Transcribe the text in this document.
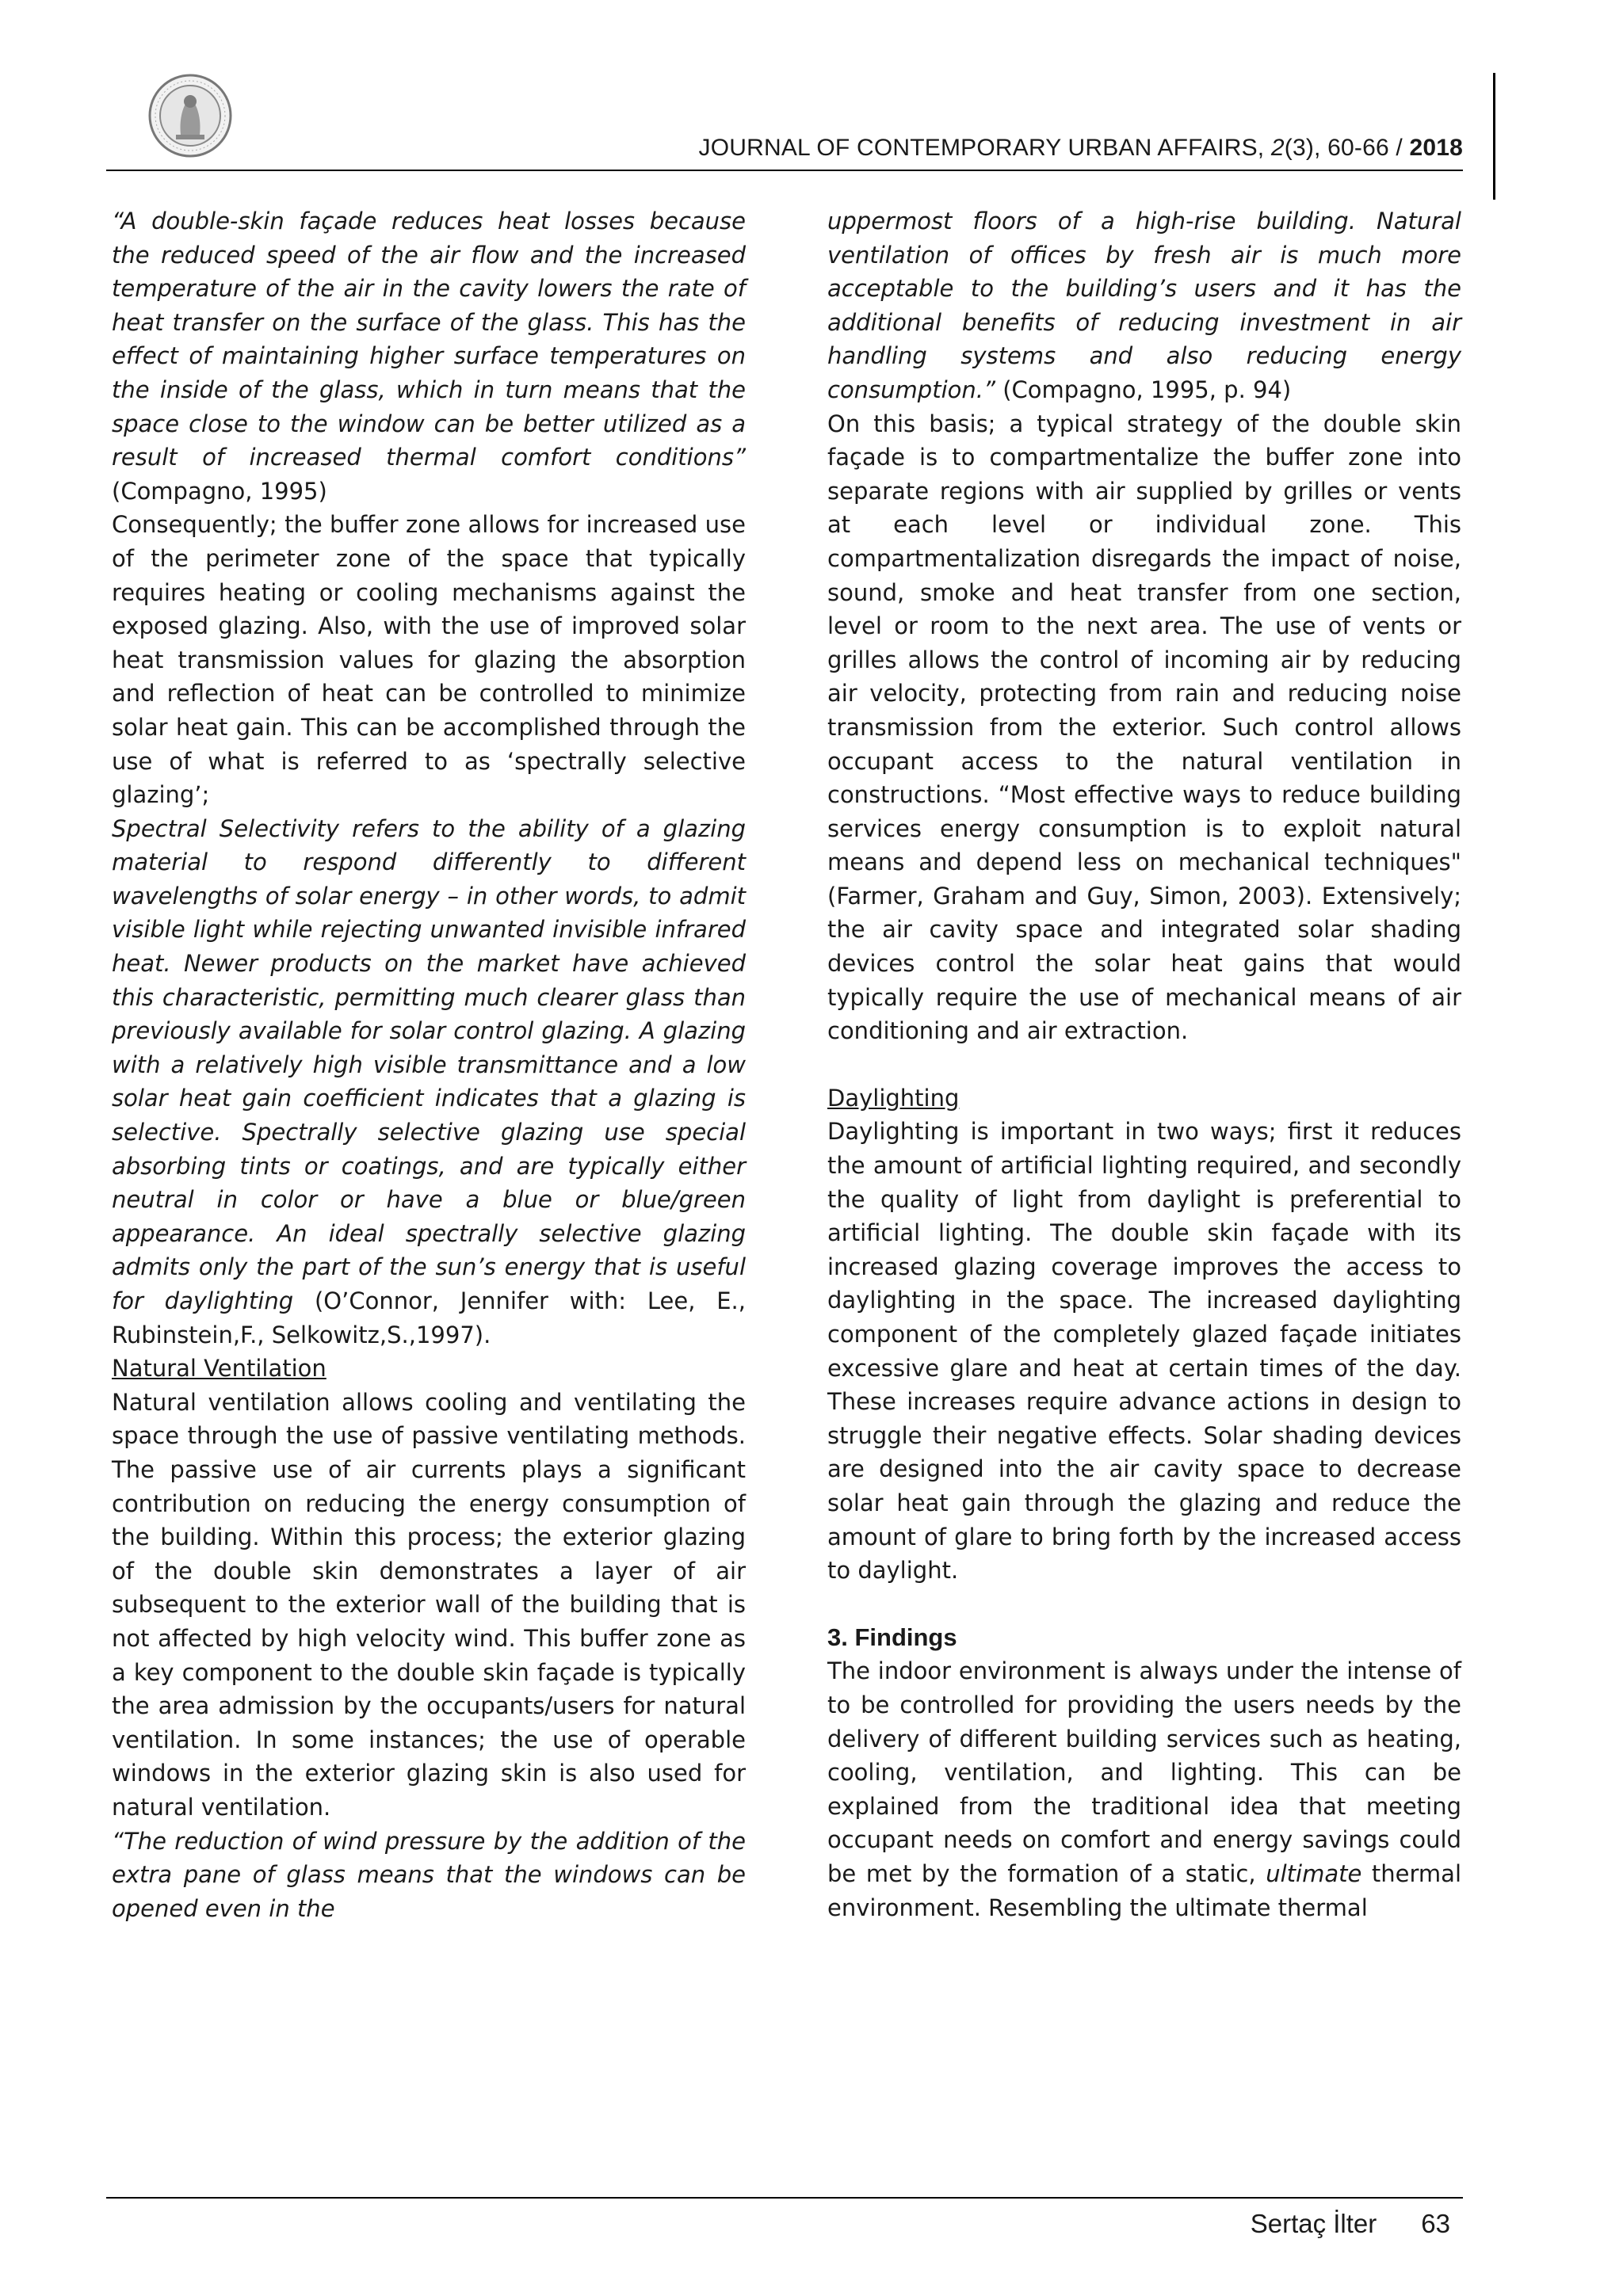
JOURNAL OF CONTEMPORARY URBAN AFFAIRS, 2(3), 60-66 / 2018

“A double-skin façade reduces heat losses because the reduced speed of the air flow and the increased temperature of the air in the cavity lowers the rate of heat transfer on the surface of the glass. This has the effect of maintaining higher surface temperatures on the inside of the glass, which in turn means that the space close to the window can be better utilized as a result of increased thermal comfort conditions” (Compagno, 1995)

Consequently; the buffer zone allows for increased use of the perimeter zone of the space that typically requires heating or cooling mechanisms against the exposed glazing. Also, with the use of improved solar heat transmission values for glazing the absorption and reflection of heat can be controlled to minimize solar heat gain. This can be accomplished through the use of what is referred to as ‘spectrally selective glazing’;

Spectral Selectivity refers to the ability of a glazing material to respond differently to different wavelengths of solar energy – in other words, to admit visible light while rejecting unwanted invisible infrared heat. Newer products on the market have achieved this characteristic, permitting much clearer glass than previously available for solar control glazing. A glazing with a relatively high visible transmittance and a low solar heat gain coefficient indicates that a glazing is selective. Spectrally selective glazing use special absorbing tints or coatings, and are typically either neutral in color or have a blue or blue/green appearance. An ideal spectrally selective glazing admits only the part of the sun’s energy that is useful for daylighting (O’Connor, Jennifer with: Lee, E., Rubinstein,F., Selkowitz,S.,1997).

Natural Ventilation

Natural ventilation allows cooling and ventilating the space through the use of passive ventilating methods. The passive use of air currents plays a significant contribution on reducing the energy consumption of the building. Within this process; the exterior glazing of the double skin demonstrates a layer of air subsequent to the exterior wall of the building that is not affected by high velocity wind. This buffer zone as a key component to the double skin façade is typically the area admission by the occupants/users for natural ventilation. In some instances; the use of operable windows in the exterior glazing skin is also used for natural ventilation.

“The reduction of wind pressure by the addition of the extra pane of glass means that the windows can be opened even in the

uppermost floors of a high-rise building. Natural ventilation of offices by fresh air is much more acceptable to the building’s users and it has the additional benefits of reducing investment in air handling systems and also reducing energy consumption.” (Compagno, 1995, p. 94)

On this basis; a typical strategy of the double skin façade is to compartmentalize the buffer zone into separate regions with air supplied by grilles or vents at each level or individual zone. This compartmentalization disregards the impact of noise, sound, smoke and heat transfer from one section, level or room to the next area. The use of vents or grilles allows the control of incoming air by reducing air velocity, protecting from rain and reducing noise transmission from the exterior. Such control allows occupant access to the natural ventilation in constructions. “Most effective ways to reduce building services energy consumption is to exploit natural means and depend less on mechanical techniques" (Farmer, Graham and Guy, Simon, 2003). Extensively; the air cavity space and integrated solar shading devices control the solar heat gains that would typically require the use of mechanical means of air conditioning and air extraction.

Daylighting

Daylighting is important in two ways; first it reduces the amount of artificial lighting required, and secondly the quality of light from daylight is preferential to artificial lighting. The double skin façade with its increased glazing coverage improves the access to daylighting in the space. The increased daylighting component of the completely glazed façade initiates excessive glare and heat at certain times of the day. These increases require advance actions in design to struggle their negative effects. Solar shading devices are designed into the air cavity space to decrease solar heat gain through the glazing and reduce the amount of glare to bring forth by the increased access to daylight.

3. Findings

The indoor environment is always under the intense of to be controlled for providing the users needs by the delivery of different building services such as heating, cooling, ventilation, and lighting. This can be explained from the traditional idea that meeting occupant needs on comfort and energy savings could be met by the formation of a static, ultimate thermal environment. Resembling the ultimate thermal

Sertaç İlter 63
